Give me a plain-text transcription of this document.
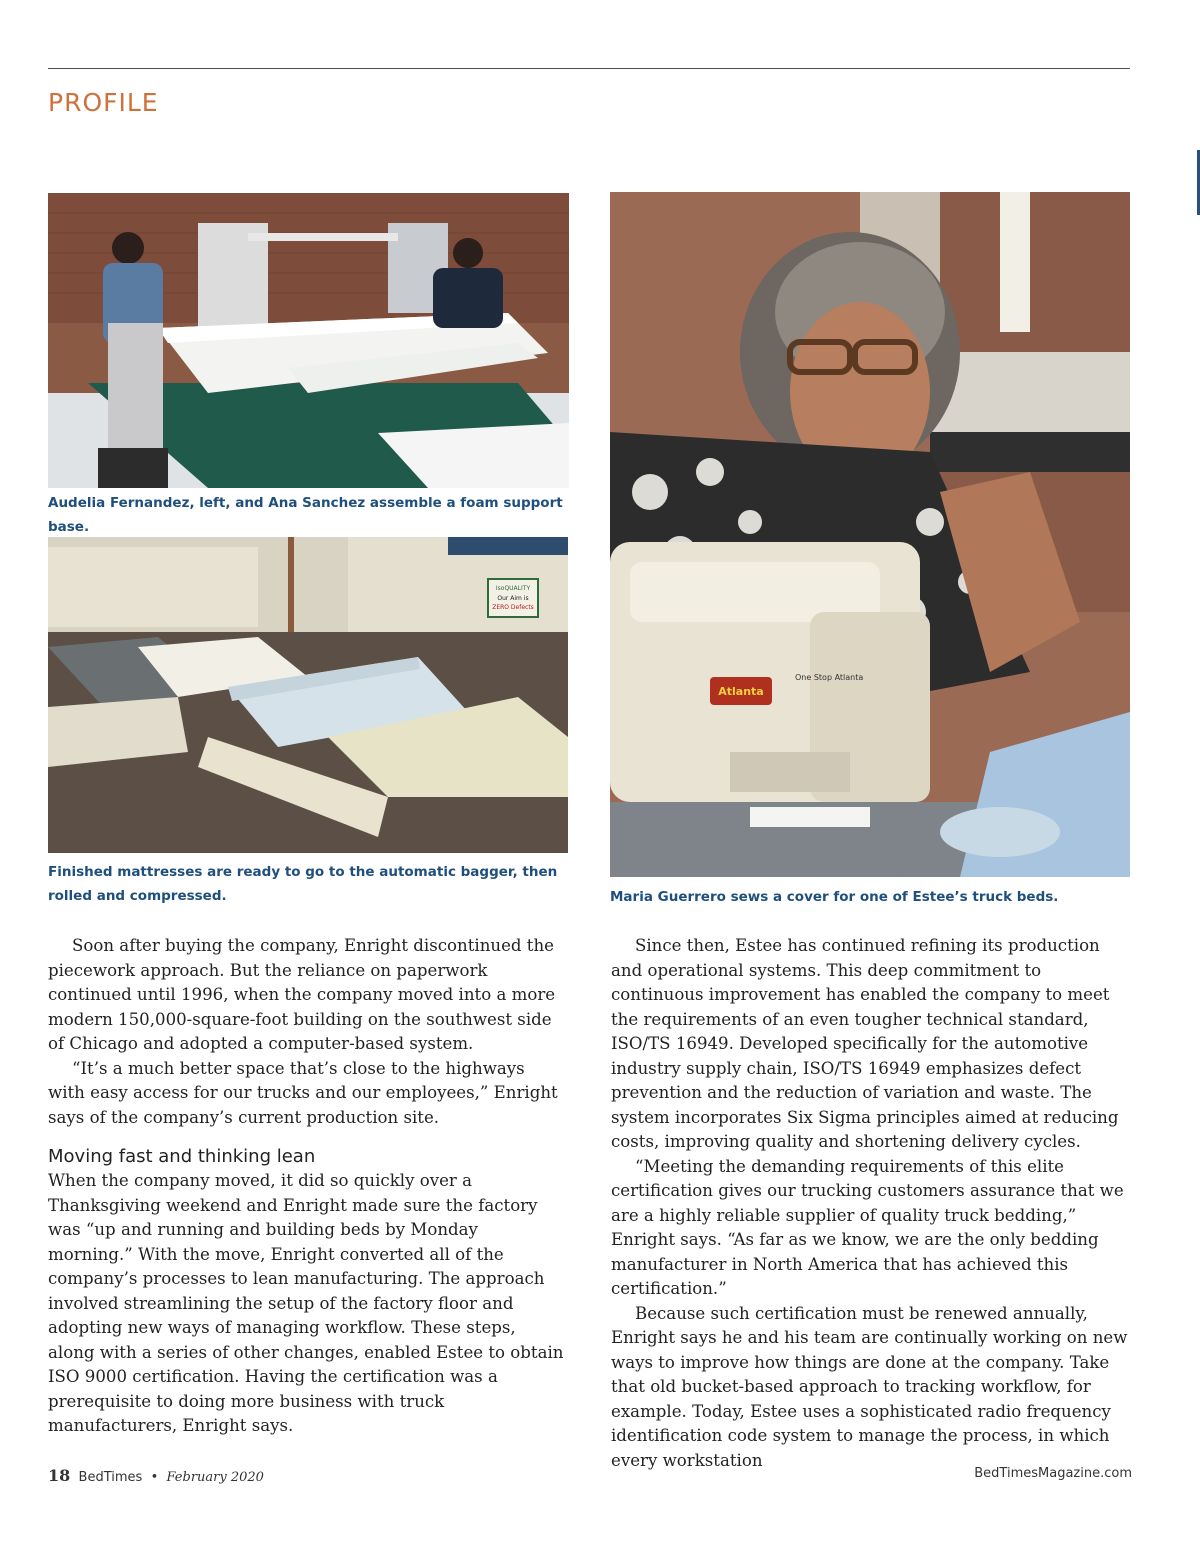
PROFILE
Audelia Fernandez, left, and Ana Sanchez assemble a foam support base.
IsoQUALITY
Our Aim is
ZERO Defects
Finished mattresses are ready to go to the automatic bagger, then rolled and compressed.
Atlanta
One Stop Atlanta
Maria Guerrero sews a cover for one of Estee’s truck beds.

Soon after buying the company, Enright discontinued the piecework approach. But the reliance on paperwork continued until 1996, when the company moved into a more modern 150,000-square-foot building on the southwest side of Chicago and adopted a computer-based system.

“It’s a much better space that’s close to the highways with easy access for our trucks and our employees,” Enright says of the company’s current production site.

Moving fast and thinking lean

When the company moved, it did so quickly over a Thanksgiving weekend and Enright made sure the factory was “up and running and building beds by Monday morning.” With the move, Enright converted all of the company’s processes to lean manufacturing. The approach involved streamlining the setup of the factory floor and adopting new ways of managing workflow. These steps, along with a series of other changes, enabled Estee to obtain ISO 9000 certification. Having the certification was a prerequisite to doing more business with truck manufacturers, Enright says.

Since then, Estee has continued refining its production and operational systems. This deep commitment to continuous improvement has enabled the company to meet the requirements of an even tougher technical standard, ISO/TS 16949. Developed specifically for the automotive industry supply chain, ISO/TS 16949 emphasizes defect prevention and the reduction of variation and waste. The system incorporates Six Sigma principles aimed at reducing costs, improving quality and shortening delivery cycles.

“Meeting the demanding requirements of this elite certification gives our trucking customers assurance that we are a highly reliable supplier of quality truck bedding,” Enright says. “As far as we know, we are the only bedding manufacturer in North America that has achieved this certification.”

Because such certification must be renewed annually, Enright says he and his team are continually working on new ways to improve how things are done at the company. Take that old bucket-based approach to tracking workflow, for example. Today, Estee uses a sophisticated radio frequency identification code system to manage the process, in which every workstation

18 BedTimes • February 2020	BedTimesMagazine.com
